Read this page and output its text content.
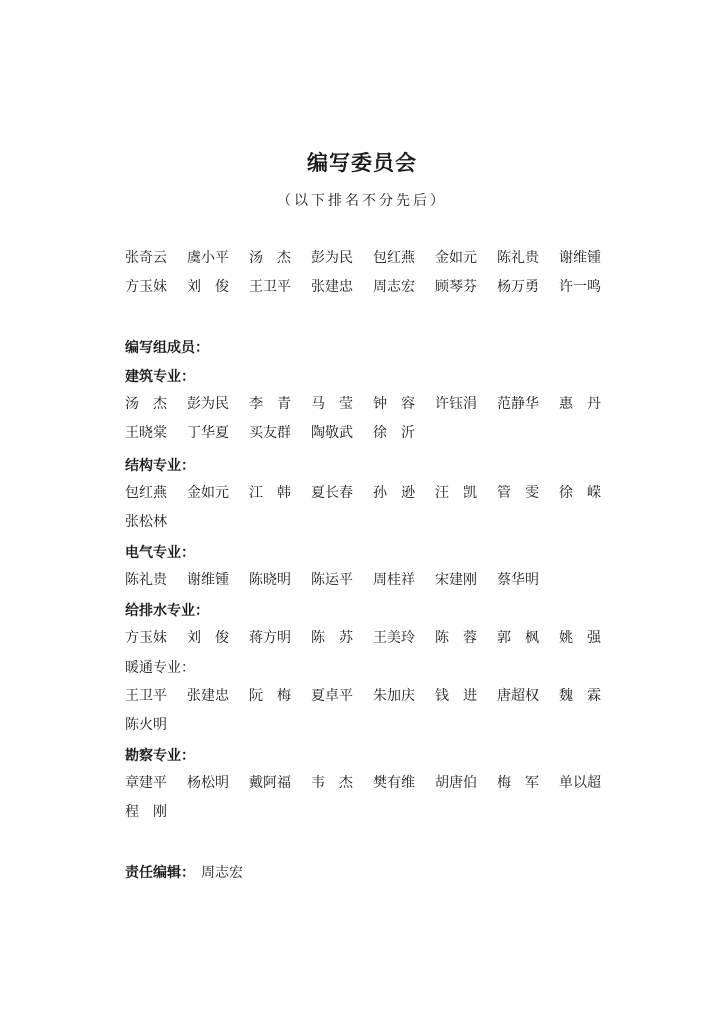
编写委员会
（以下排名不分先后）
张奇云	虞小平	汤　杰	彭为民	包红燕	金如元	陈礼贵	谢维锺
方玉妹	刘　俊	王卫平	张建忠	周志宏	顾琴芬	杨万勇	许一鸣
编写组成员：
建筑专业：
汤　杰	彭为民	李　青	马　莹	钟　容	许钰涓	范静华	惠　丹
王晓棠	丁华夏	买友群	陶敬武	徐　沂
结构专业：
包红燕	金如元	江　韩	夏长春	孙　逊	汪　凯	管　雯	徐　嵘
张松林
电气专业：
陈礼贵	谢维锺	陈晓明	陈运平	周桂祥	宋建刚	蔡华明
给排水专业：
方玉妹	刘　俊	蒋方明	陈　苏	王美玲	陈　蓉	郭　枫	姚　强
暖通专业：
王卫平	张建忠	阮　梅	夏卓平	朱加庆	钱　进	唐超权	魏　霖
陈火明
勘察专业：
章建平	杨松明	戴阿福	韦　杰	樊有维	胡唐伯	梅　军	单以超
程　刚
责任编辑： 周志宏
